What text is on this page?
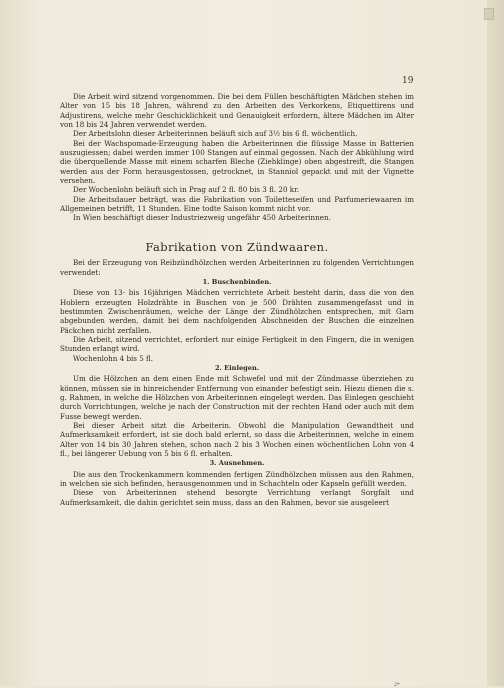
19

Die Arbeit wird sitzend vorgenommen. Die bei dem Füllen beschäftigten Mädchen stehen im Alter von 15 bis 18 Jahren, während zu den Arbeiten des Verkorkens, Etiquettirens und Adjustirens, welche mehr Geschicklichkeit und Genauigkeit erfordern, ältere Mädchen im Alter von 18 bis 24 Jahren verwendet werden.

Der Arbeitslohn dieser Arbeiterinnen beläuft sich auf 3½ bis 6 fl. wöchentlich.

Bei der Wachspomade-Erzeugung haben die Arbeiterinnen die flüssige Masse in Batterien auszugiessen; dabei werden immer 100 Stangen auf einmal gegossen. Nach der Abkühlung wird die überquellende Masse mit einem scharfen Bleche (Ziehklinge) oben abgestreift, die Stangen werden aus der Form herausgestossen, getrocknet, in Stanniol gepackt und mit der Vignette versehen.

Der Wochenlohn beläuft sich in Prag auf 2 fl. 80 bis 3 fl. 20 kr.

Die Arbeitsdauer beträgt, was die Fabrikation von Toiletteseifen und Parfumeriewaaren im Allgemeinen betrifft, 11 Stunden. Eine todte Saison kommt nicht vor.

In Wien beschäftigt dieser Industriezweig ungefähr 450 Arbeiterinnen.

Fabrikation von Zündwaaren.

Bei der Erzeugung von Reibzündhölzchen werden Arbeiterinnen zu folgenden Verrichtungen verwendet:

1. Buschenbinden.

Diese von 13- bis 16jährigen Mädchen verrichtete Arbeit besteht darin, dass die von den Hoblern erzeugten Holzdrähte in Buschen von je 500 Drähten zusammengefasst und in bestimmten Zwischenräumen, welche der Länge der Zündhölzchen entsprechen, mit Garn abgebunden werden, damit bei dem nachfolgenden Abschneiden der Buschen die einzelnen Päckchen nicht zerfallen.

Die Arbeit, sitzend verrichtet, erfordert nur einige Fertigkeit in den Fingern, die in wenigen Stunden erlangt wird.

Wochenlohn 4 bis 5 fl.

2. Einlegen.

Um die Hölzchen an dem einen Ende mit Schwefel und mit der Zündmasse überziehen zu können, müssen sie in hinreichender Entfernung von einander befestigt sein. Hiezu dienen die s. g. Rahmen, in welche die Hölzchen von Arbeiterinnen eingelegt werden. Das Einlegen geschieht durch Vorrichtungen, welche je nach der Construction mit der rechten Hand oder auch mit dem Fusse bewegt werden.

Bei dieser Arbeit sitzt die Arbeiterin. Obwohl die Manipulation Gewandtheit und Aufmerksamkeit erfordert, ist sie doch bald erlernt, so dass die Arbeiterinnen, welche in einem Alter von 14 bis 30 Jahren stehen, schon nach 2 bis 3 Wochen einen wöchentlichen Lohn von 4 fl., bei längerer Uebung von 5 bis 6 fl. erhalten.

3. Ausnehmen.

Die aus den Trockenkammern kommenden fertigen Zündhölzchen müssen aus den Rahmen, in welchen sie sich befinden, herausgenommen und in Schachteln oder Kapseln gefüllt werden.

Diese von Arbeiterinnen stehend besorgte Verrichtung verlangt Sorgfalt und Aufmerksamkeit, die dahin gerichtet sein muss, dass an den Rahmen, bevor sie ausgeleert

2*
